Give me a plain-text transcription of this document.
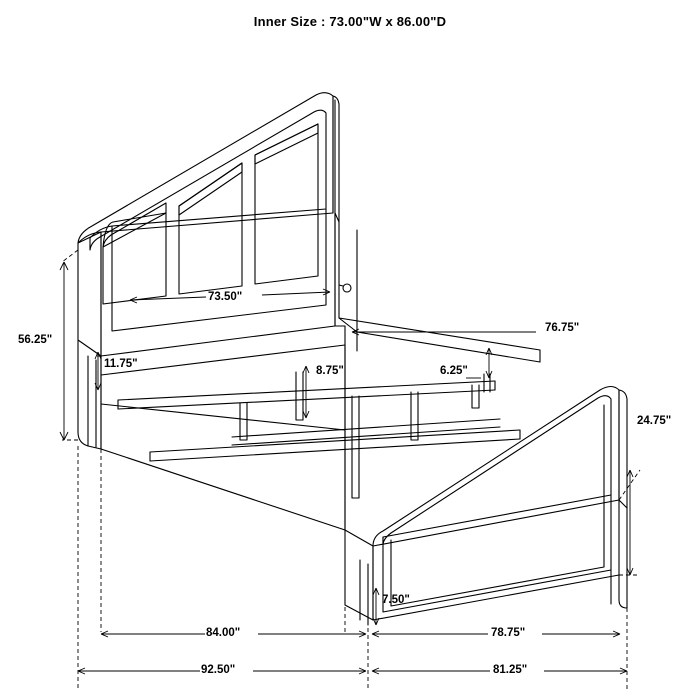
Inner Size : 73.00"W x 86.00"D
56.25"
73.50"
11.75"
8.75"	6.25"
76.75"
24.75"
7.50"
84.00"	78.75"
92.50"	81.25"
